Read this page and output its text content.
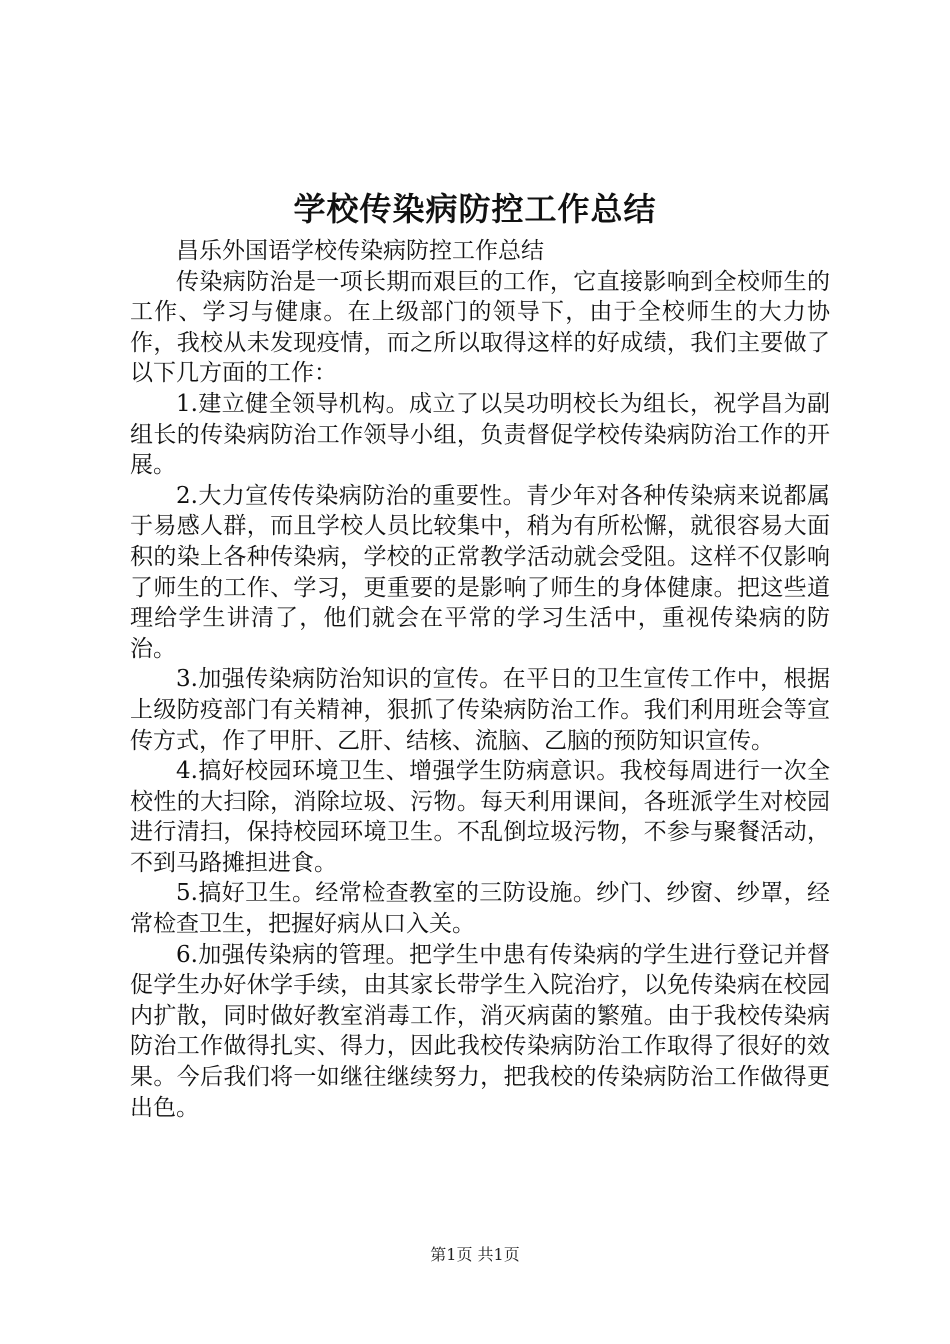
学校传染病防控工作总结

昌乐外国语学校传染病防控工作总结

传染病防治是一项长期而艰巨的工作，它直接影响到全校师生的工作、学习与健康。在上级部门的领导下，由于全校师生的大力协作，我校从未发现疫情，而之所以取得这样的好成绩，我们主要做了以下几方面的工作：

1.建立健全领导机构。成立了以吴功明校长为组长，祝学昌为副组长的传染病防治工作领导小组，负责督促学校传染病防治工作的开展。

2.大力宣传传染病防治的重要性。青少年对各种传染病来说都属于易感人群，而且学校人员比较集中，稍为有所松懈，就很容易大面积的染上各种传染病，学校的正常教学活动就会受阻。这样不仅影响了师生的工作、学习，更重要的是影响了师生的身体健康。把这些道理给学生讲清了，他们就会在平常的学习生活中，重视传染病的防治。

3.加强传染病防治知识的宣传。在平日的卫生宣传工作中，根据上级防疫部门有关精神，狠抓了传染病防治工作。我们利用班会等宣传方式，作了甲肝、乙肝、结核、流脑、乙脑的预防知识宣传。

4.搞好校园环境卫生、增强学生防病意识。我校每周进行一次全校性的大扫除，消除垃圾、污物。每天利用课间，各班派学生对校园进行清扫，保持校园环境卫生。不乱倒垃圾污物，不参与聚餐活动，不到马路摊担进食。

5.搞好卫生。经常检查教室的三防设施。纱门、纱窗、纱罩，经常检查卫生，把握好病从口入关。

6.加强传染病的管理。把学生中患有传染病的学生进行登记并督促学生办好休学手续，由其家长带学生入院治疗，以免传染病在校园内扩散，同时做好教室消毒工作，消灭病菌的繁殖。由于我校传染病防治工作做得扎实、得力，因此我校传染病防治工作取得了很好的效果。今后我们将一如继往继续努力，把我校的传染病防治工作做得更出色。

第1页 共1页
